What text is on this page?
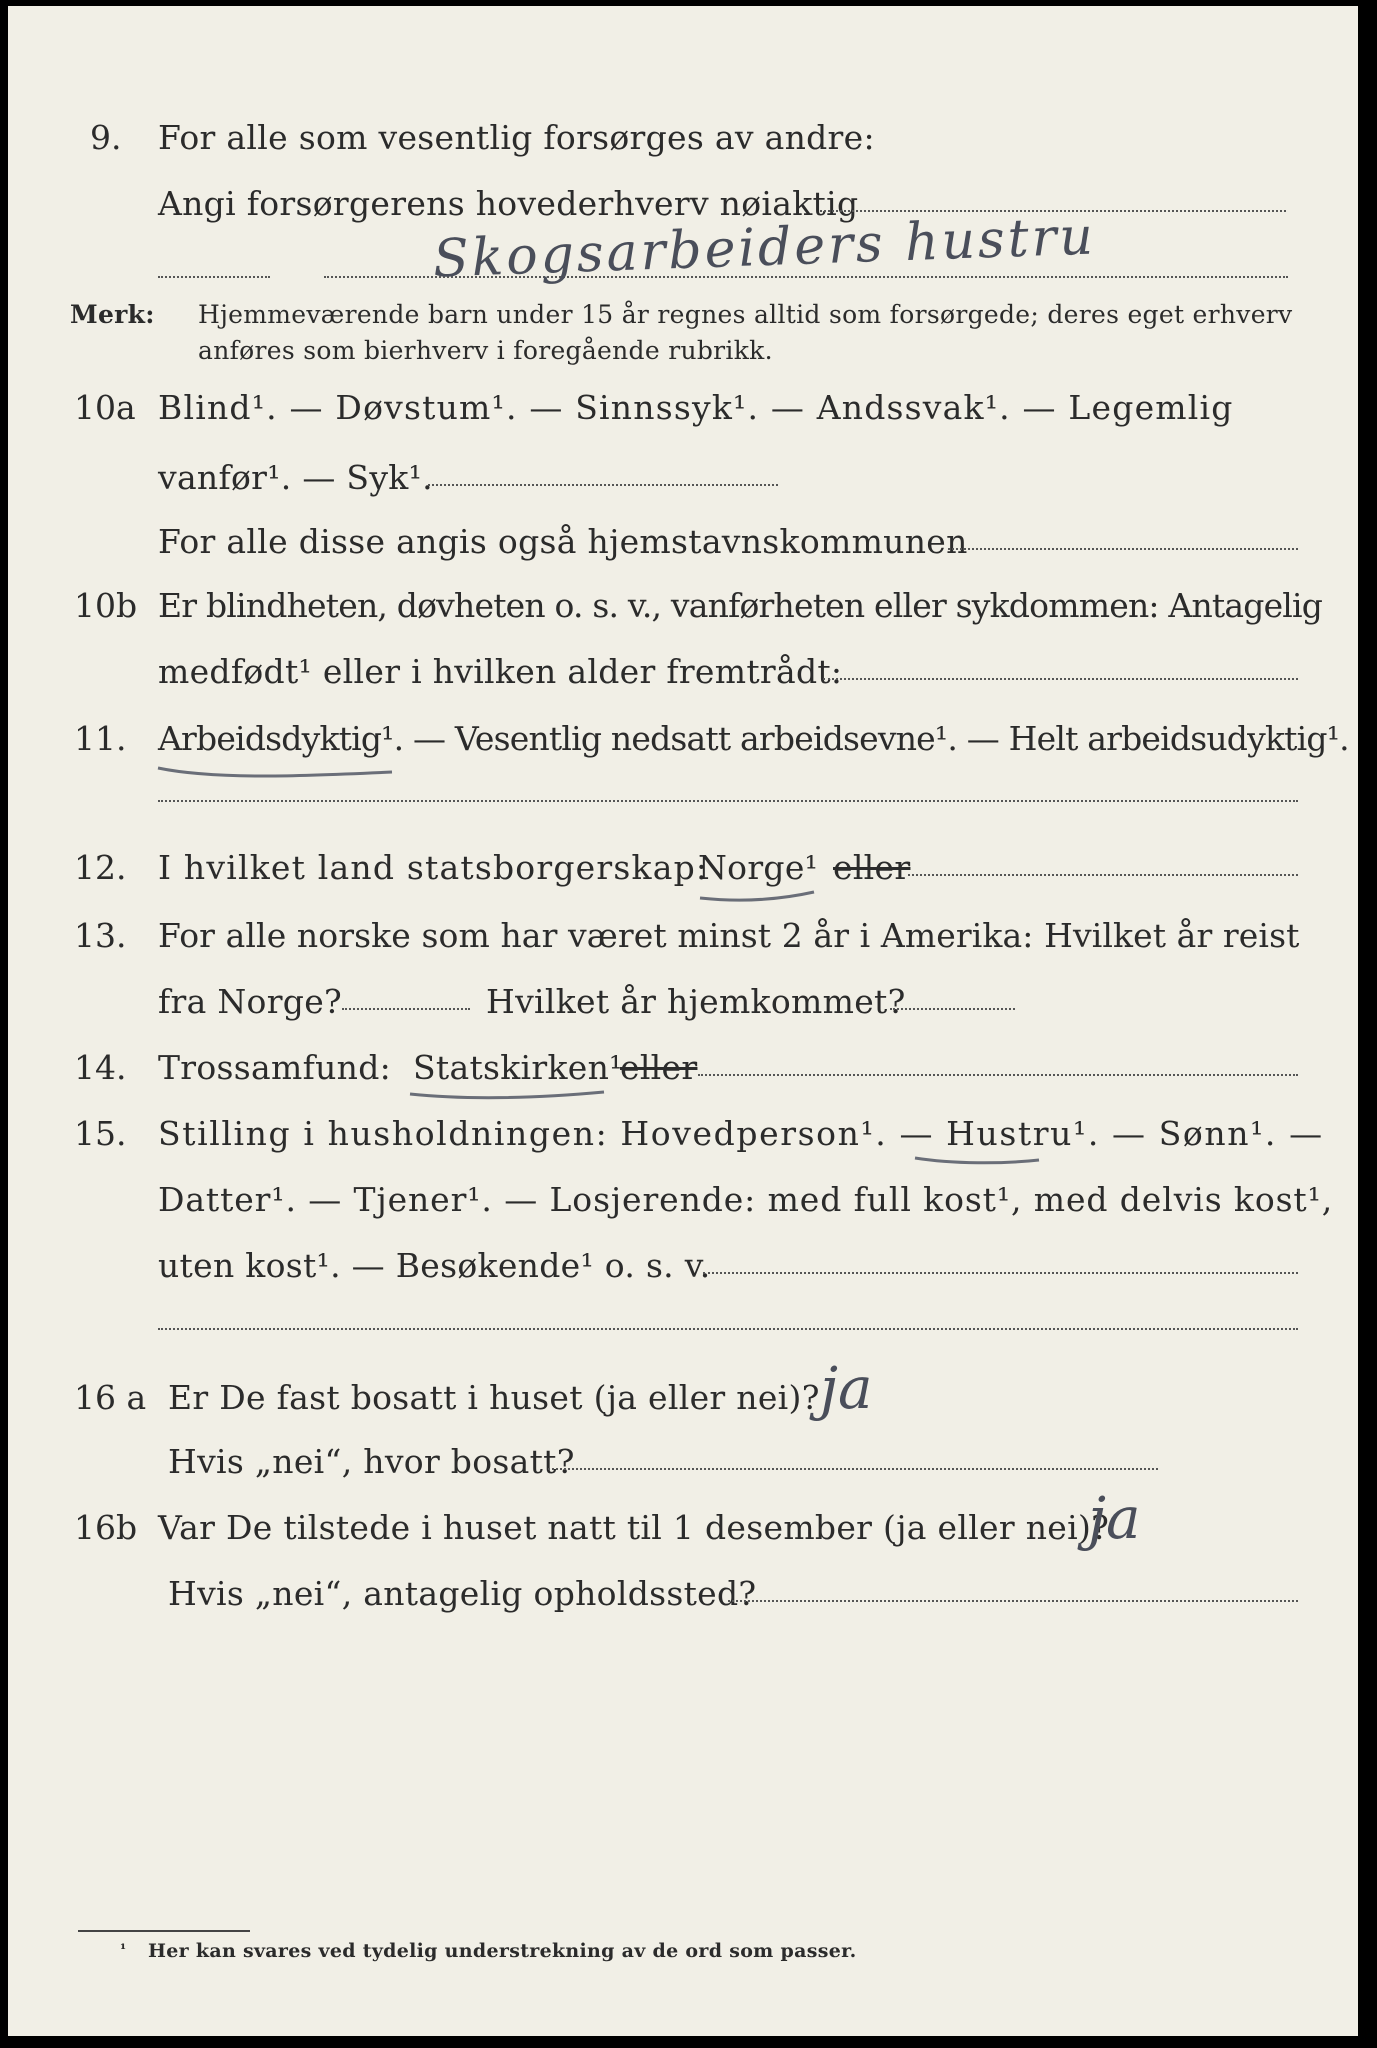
9. For alle som vesentlig forsørges av andre:
Angi forsørgerens hovederhverv nøiaktig
Skogsarbeiders hustru
Merk: Hjemmeværende barn under 15 år regnes alltid som forsørgede; deres eget erhverv
anføres som bierhverv i foregående rubrikk.
10a Blind¹. — Døvstum¹. — Sinnssyk¹. — Andssvak¹. — Legemlig
vanfør¹. — Syk¹.
For alle disse angis også hjemstavnskommunen
10b Er blindheten, døvheten o. s. v., vanførheten eller sykdommen: Antagelig
medfødt¹ eller i hvilken alder fremtrådt:
11. Arbeidsdyktig¹. — Vesentlig nedsatt arbeidsevne¹. — Helt arbeidsudyktig¹.
12. I hvilket land statsborgerskap:
Norge¹ eller
13. For alle norske som har været minst 2 år i Amerika: Hvilket år reist
fra Norge?	Hvilket år hjemkommet?
14. Trossamfund: Statskirken¹
eller
15. Stilling i husholdningen: Hovedperson¹. — Hustru¹. — Sønn¹. —
Datter¹. — Tjener¹. — Losjerende: med full kost¹, med delvis kost¹,
uten kost¹. — Besøkende¹ o. s. v.
16 a Er De fast bosatt i huset (ja eller nei)? ja
Hvis „nei“, hvor bosatt?
16b Var De tilstede i huset natt til 1 desember (ja eller nei)?
ja
Hvis „nei“, antagelig opholdssted?
¹ Her kan svares ved tydelig understrekning av de ord som passer.
